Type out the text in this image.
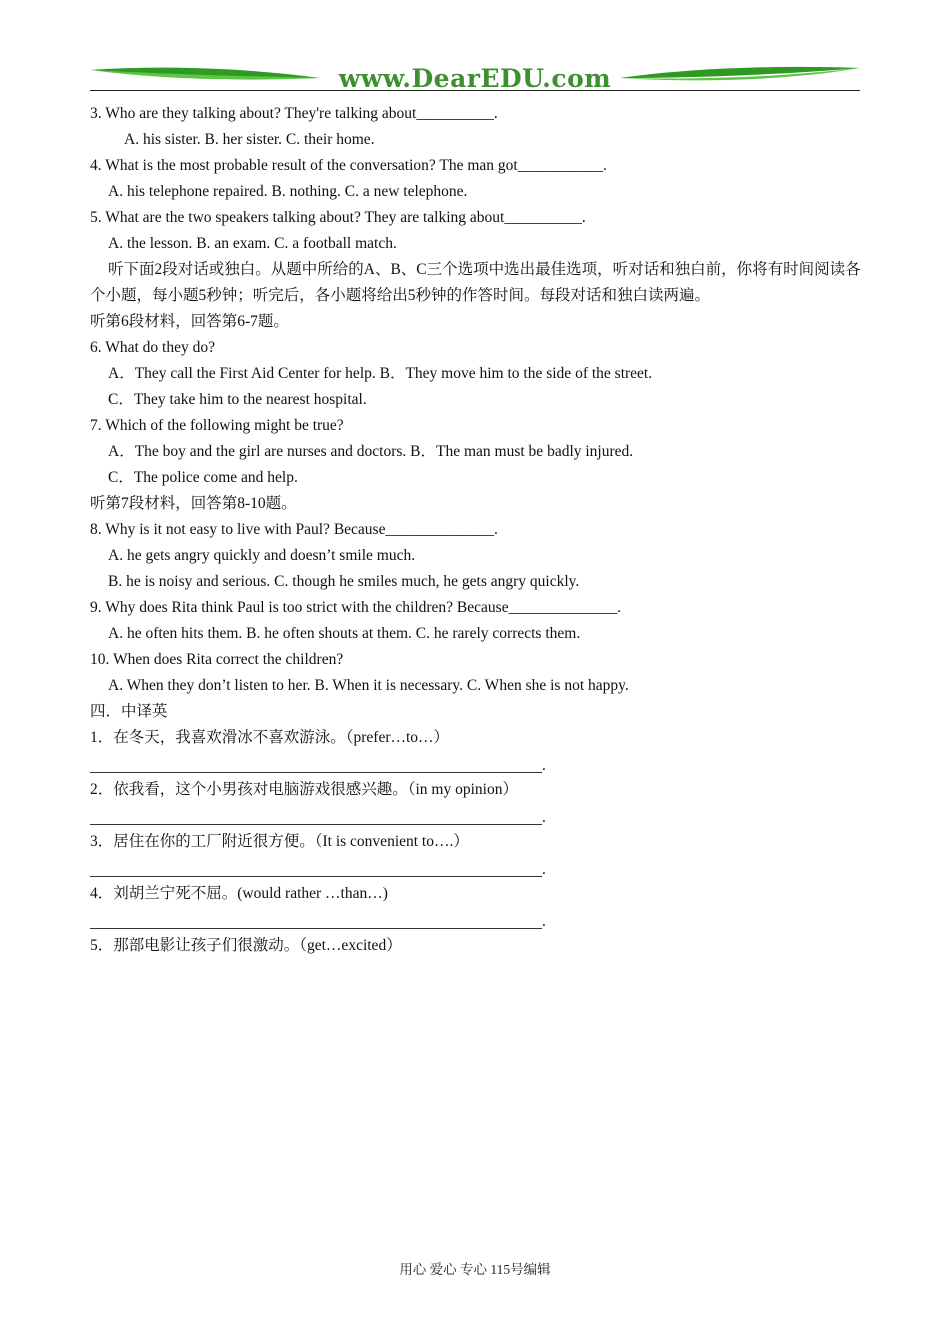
www.DearEDU.com
3. Who are they talking about? They're talking about__________.
A. his sister. B. her sister. C. their home.
4. What is the most probable result of the conversation? The man got___________.
A. his telephone repaired. B. nothing. C. a new telephone.
5. What are the two speakers talking about? They are talking about__________.
A. the lesson. B. an exam. C. a football match.
听下面2段对话或独白。从题中所给的A、B、C三个选项中选出最佳选项，听对话和独白前，你将有时间阅读各个小题，每小题5秒钟；听完后，各小题将给出5秒钟的作答时间。每段对话和独白读两遍。
听第6段材料，回答第6-7题。
6. What do they do?
A．They call the First Aid Center for help. B．They move him to the side of the street.
C．They take him to the nearest hospital.
7. Which of the following might be true?
A．The boy and the girl are nurses and doctors. B．The man must be badly injured.
C．The police come and help.
听第7段材料，回答第8-10题。
8. Why is it not easy to live with Paul? Because______________.
A. he gets angry quickly and doesn’t smile much.
B. he is noisy and serious. C. though he smiles much, he gets angry quickly.
9. Why does Rita think Paul is too strict with the children? Because______________.
A. he often hits them. B. he often shouts at them. C. he rarely corrects them.
10. When does Rita correct the children?
A. When they don’t listen to her. B. When it is necessary. C. When she is not happy.
四．中译英
1．在冬天，我喜欢滑冰不喜欢游泳。（prefer…to…）
.
2．依我看，这个小男孩对电脑游戏很感兴趣。（in my opinion）
.
3．居住在你的工厂附近很方便。（It is convenient to….）
.
4．刘胡兰宁死不屈。(would rather …than…)
.
5．那部电影让孩子们很激动。（get…excited）
用心 爱心 专心 115号编辑
